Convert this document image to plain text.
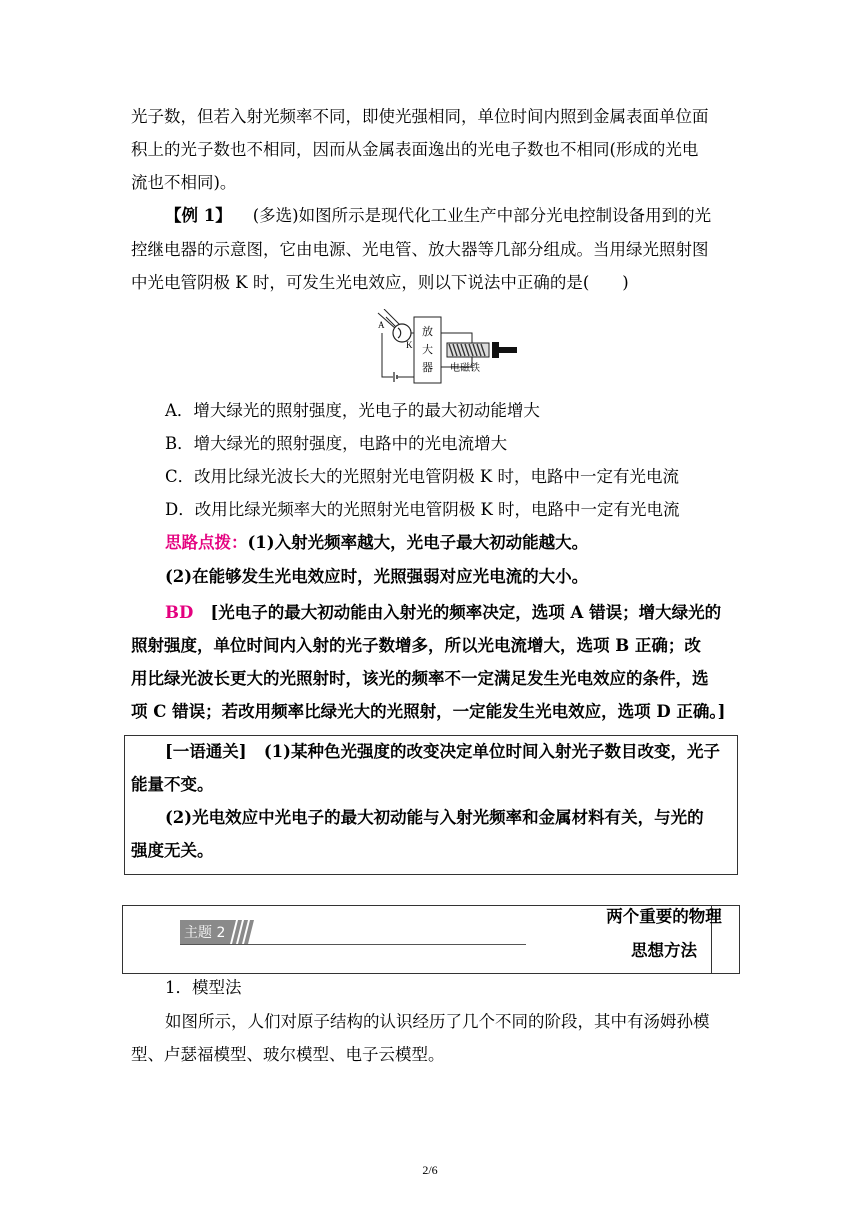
光子数，但若入射光频率不同，即使光强相同，单位时间内照到金属表面单位面
积上的光子数也不相同，因而从金属表面逸出的光电子数也不相同(形成的光电
流也不相同)。
【例 1】 (多选)如图所示是现代化工业生产中部分光电控制设备用到的光
控继电器的示意图，它由电源、光电管、放大器等几部分组成。当用绿光照射图
中光电管阴极 K 时，可发生光电效应，则以下说法中正确的是(　　)
A
K
放
大
器 电磁铁
A．增大绿光的照射强度，光电子的最大初动能增大
B．增大绿光的照射强度，电路中的光电流增大
C．改用比绿光波长大的光照射光电管阴极 K 时，电路中一定有光电流
D．改用比绿光频率大的光照射光电管阴极 K 时，电路中一定有光电流
思路点拨：(1)入射光频率越大，光电子最大初动能越大。
(2)在能够发生光电效应时，光照强弱对应光电流的大小。
BD [光电子的最大初动能由入射光的频率决定，选项 A 错误；增大绿光的
照射强度，单位时间内入射的光子数增多，所以光电流增大，选项 B 正确；改
用比绿光波长更大的光照射时，该光的频率不一定满足发生光电效应的条件，选
项 C 错误；若改用频率比绿光大的光照射，一定能发生光电效应，选项 D 正确。]
[一语通关] (1)某种色光强度的改变决定单位时间入射光子数目改变，光子
能量不变。
(2)光电效应中光电子的最大初动能与入射光频率和金属材料有关，与光的
强度无关。
主题 2
两个重要的物理
思想方法
1．模型法
如图所示，人们对原子结构的认识经历了几个不同的阶段，其中有汤姆孙模
型、卢瑟福模型、玻尔模型、电子云模型。
2/6
